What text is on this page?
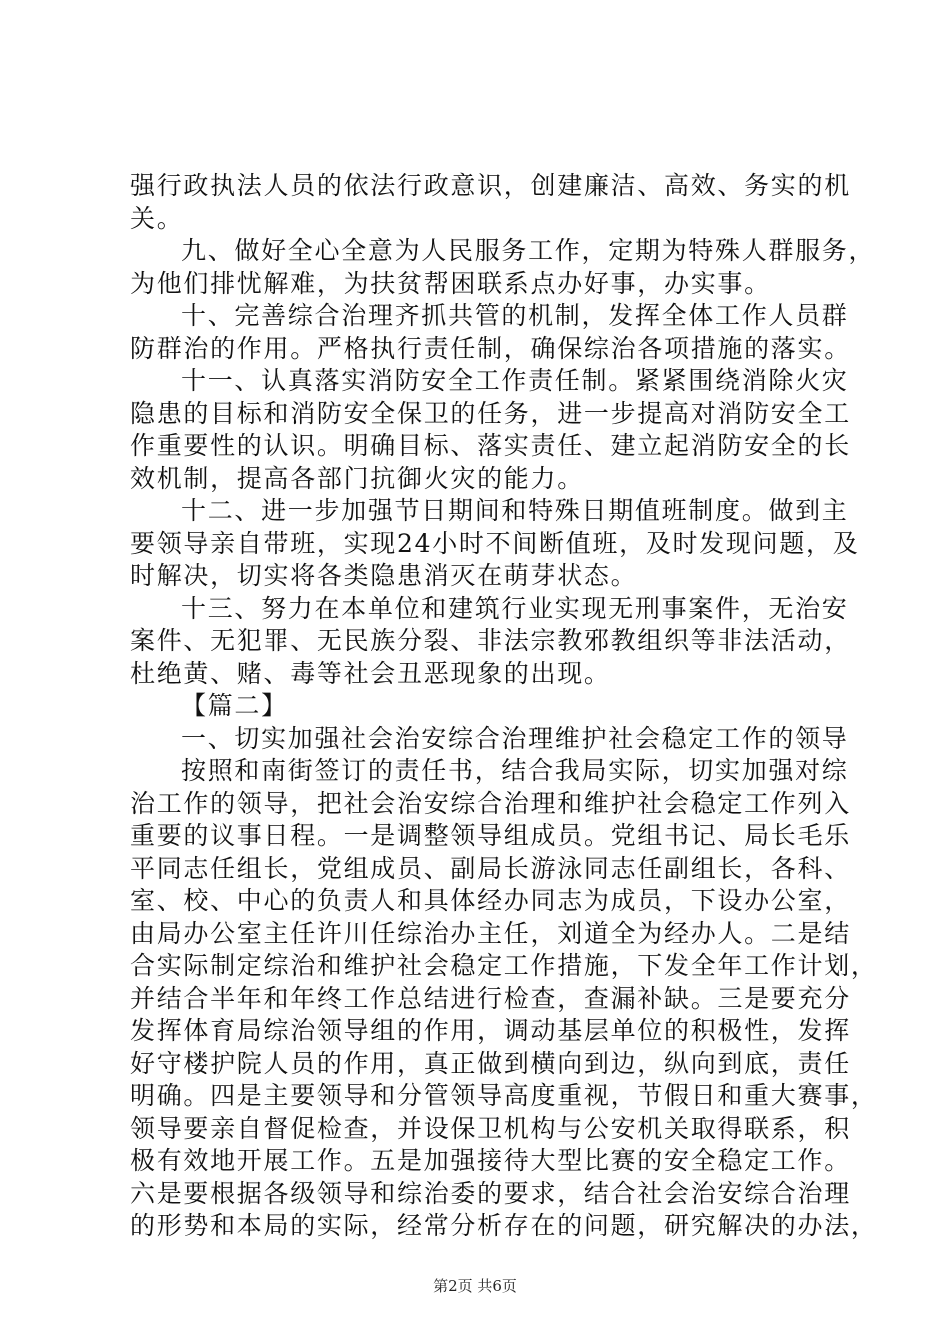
强行政执法人员的依法行政意识，创建廉洁、高效、务实的机

关。

九、做好全心全意为人民服务工作，定期为特殊人群服务，

为他们排忧解难，为扶贫帮困联系点办好事，办实事。

十、完善综合治理齐抓共管的机制，发挥全体工作人员群

防群治的作用。严格执行责任制，确保综治各项措施的落实。

十一、认真落实消防安全工作责任制。紧紧围绕消除火灾

隐患的目标和消防安全保卫的任务，进一步提高对消防安全工

作重要性的认识。明确目标、落实责任、建立起消防安全的长

效机制，提高各部门抗御火灾的能力。

十二、进一步加强节日期间和特殊日期值班制度。做到主

要领导亲自带班，实现24小时不间断值班，及时发现问题，及

时解决，切实将各类隐患消灭在萌芽状态。

十三、努力在本单位和建筑行业实现无刑事案件，无治安

案件、无犯罪、无民族分裂、非法宗教邪教组织等非法活动，

杜绝黄、赌、毒等社会丑恶现象的出现。

【篇二】

一、切实加强社会治安综合治理维护社会稳定工作的领导

按照和南街签订的责任书，结合我局实际，切实加强对综

治工作的领导，把社会治安综合治理和维护社会稳定工作列入

重要的议事日程。一是调整领导组成员。党组书记、局长毛乐

平同志任组长，党组成员、副局长游泳同志任副组长，各科、

室、校、中心的负责人和具体经办同志为成员，下设办公室，

由局办公室主任许川任综治办主任，刘道全为经办人。二是结

合实际制定综治和维护社会稳定工作措施，下发全年工作计划，

并结合半年和年终工作总结进行检查，查漏补缺。三是要充分

发挥体育局综治领导组的作用，调动基层单位的积极性，发挥

好守楼护院人员的作用，真正做到横向到边，纵向到底，责任

明确。四是主要领导和分管领导高度重视，节假日和重大赛事，

领导要亲自督促检查，并设保卫机构与公安机关取得联系，积

极有效地开展工作。五是加强接待大型比赛的安全稳定工作。

六是要根据各级领导和综治委的要求，结合社会治安综合治理

的形势和本局的实际，经常分析存在的问题，研究解决的办法，

第2页 共6页
